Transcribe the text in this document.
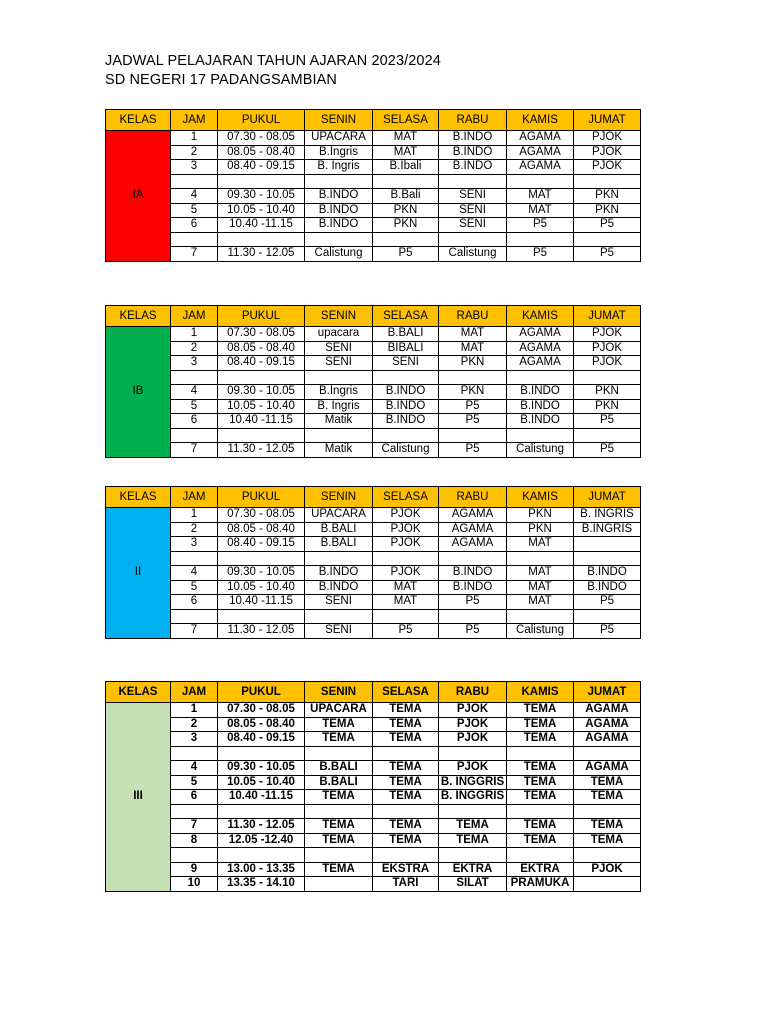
JADWAL PELAJARAN TAHUN AJARAN 2023/2024
SD NEGERI 17 PADANGSAMBIAN
KELAS	JAM	PUKUL	SENIN	SELASA	RABU	KAMIS	JUMAT
IA	1	07.30 - 08.05	UPACARA	MAT	B.INDO	AGAMA	PJOK
	2	08.05 - 08.40	B.Ingris	MAT	B.INDO	AGAMA	PJOK
	3	08.40 - 09.15	B. Ingris	B.Ibali	B.INDO	AGAMA	PJOK

	4	09.30 - 10.05	B.INDO	B.Bali	SENI	MAT	PKN
	5	10.05 - 10.40	B.INDO	PKN	SENI	MAT	PKN
	6	10.40 -11.15	B.INDO	PKN	SENI	P5	P5

	7	11.30 - 12.05	Calistung	P5	Calistung	P5	P5
KELAS	JAM	PUKUL	SENIN	SELASA	RABU	KAMIS	JUMAT
IB	1	07.30 - 08.05	upacara	B.BALI	MAT	AGAMA	PJOK
	2	08.05 - 08.40	SENI	BIBALI	MAT	AGAMA	PJOK
	3	08.40 - 09.15	SENI	SENI	PKN	AGAMA	PJOK

	4	09.30 - 10.05	B.Ingris	B.INDO	PKN	B.INDO	PKN
	5	10.05 - 10.40	B. Ingris	B.INDO	P5	B.INDO	PKN
	6	10.40 -11.15	Matik	B.INDO	P5	B.INDO	P5

	7	11.30 - 12.05	Matik	Calistung	P5	Calistung	P5
KELAS	JAM	PUKUL	SENIN	SELASA	RABU	KAMIS	JUMAT
II	1	07.30 - 08.05	UPACARA	PJOK	AGAMA	PKN	B. INGRIS
	2	08.05 - 08.40	B.BALI	PJOK	AGAMA	PKN	B.INGRIS
	3	08.40 - 09.15	B.BALI	PJOK	AGAMA	MAT	

	4	09.30 - 10.05	B.INDO	PJOK	B.INDO	MAT	B.INDO
	5	10.05 - 10.40	B.INDO	MAT	B.INDO	MAT	B.INDO
	6	10.40 -11.15	SENI	MAT	P5	MAT	P5

	7	11.30 - 12.05	SENI	P5	P5	Calistung	P5
KELAS	JAM	PUKUL	SENIN	SELASA	RABU	KAMIS	JUMAT
III	1	07.30 - 08.05	UPACARA	TEMA	PJOK	TEMA	AGAMA
	2	08.05 - 08.40	TEMA	TEMA	PJOK	TEMA	AGAMA
	3	08.40 - 09.15	TEMA	TEMA	PJOK	TEMA	AGAMA

	4	09.30 - 10.05	B.BALI	TEMA	PJOK	TEMA	AGAMA
	5	10.05 - 10.40	B.BALI	TEMA	B. INGGRIS	TEMA	TEMA
	6	10.40 -11.15	TEMA	TEMA	B. INGGRIS	TEMA	TEMA

	7	11.30 - 12.05	TEMA	TEMA	TEMA	TEMA	TEMA
	8	12.05 -12.40	TEMA	TEMA	TEMA	TEMA	TEMA

	9	13.00 - 13.35	TEMA	EKSTRA	EKTRA	EKTRA	PJOK
	10	13.35 - 14.10		TARI	SILAT	PRAMUKA	
